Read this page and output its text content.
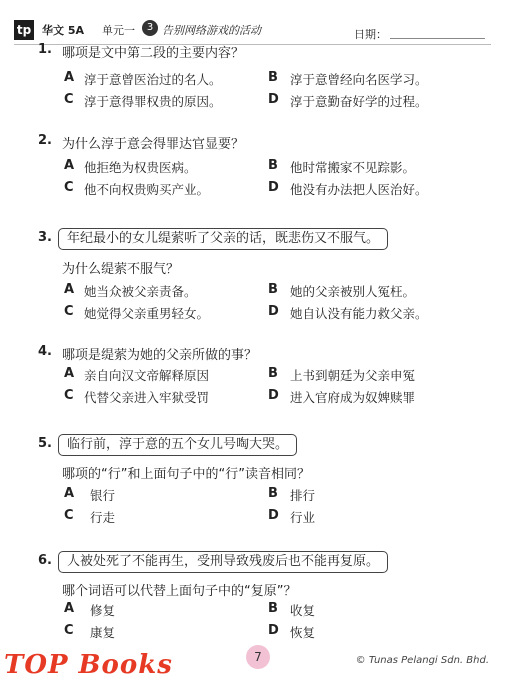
tp 华文 5A 单元一	3 告别网络游戏的活动	日期：
1. 哪项是文中第二段的主要内容？
A 淳于意曾医治过的名人。	B 淳于意曾经向名医学习。
C 淳于意得罪权贵的原因。	D 淳于意勤奋好学的过程。
2. 为什么淳于意会得罪达官显要？
A 他拒绝为权贵医病。	B 他时常搬家不见踪影。
C 他不向权贵购买产业。	D 他没有办法把人医治好。
3.	年纪最小的女儿缇萦听了父亲的话，既悲伤又不服气。
为什么缇萦不服气？
A 她当众被父亲责备。	B 她的父亲被别人冤枉。
C 她觉得父亲重男轻女。	D 她自认没有能力救父亲。
4. 哪项是缇萦为她的父亲所做的事？
A 亲自向汉文帝解释原因	B 上书到朝廷为父亲申冤
C 代替父亲进入牢狱受罚	D 进入官府成为奴婢赎罪
5.	临行前，淳于意的五个女儿号啕大哭。
哪项的“行”和上面句子中的“行”读音相同？
A 银行	B 排行
C 行走	D 行业
6.	人被处死了不能再生，受刑导致残废后也不能再复原。
哪个词语可以代替上面句子中的“复原”？
A 修复	B 收复
C 康复	D 恢复
TOP Books	7	© Tunas Pelangi Sdn. Bhd.
